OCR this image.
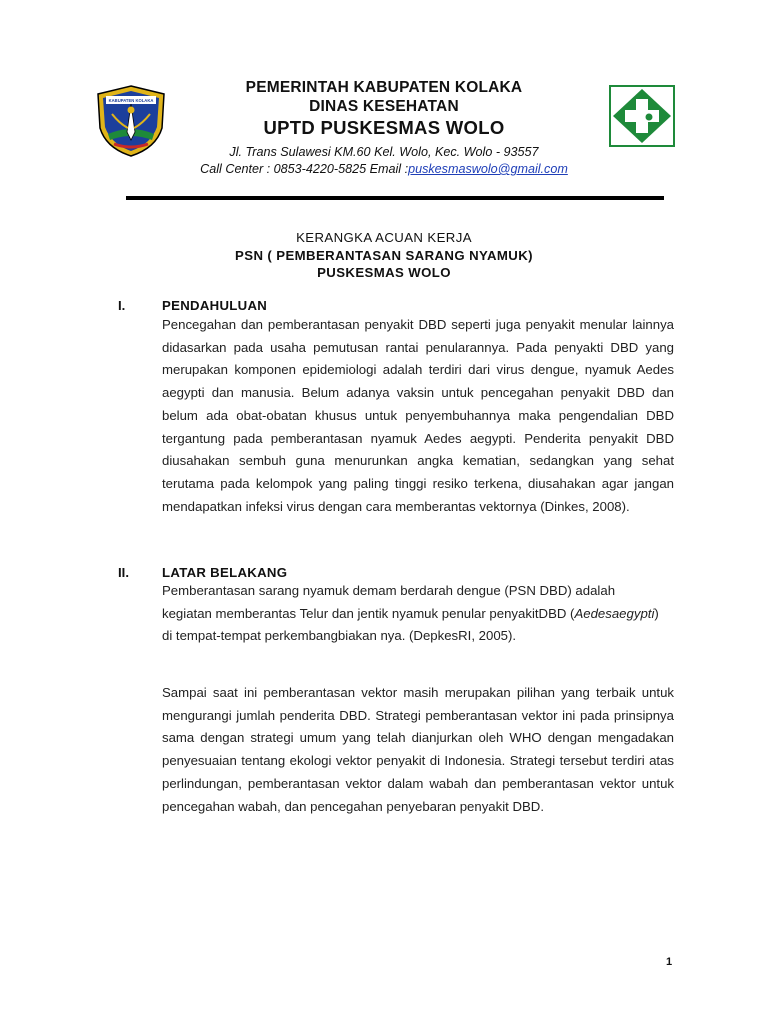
KABUPATEN KOLAKA
PEMERINTAH KABUPATEN KOLAKA
DINAS KESEHATAN
UPTD PUSKESMAS WOLO
Jl. Trans Sulawesi KM.60 Kel. Wolo, Kec. Wolo - 93557
Call Center : 0853-4220-5825 Email :puskesmaswolo@gmail.com
KERANGKA ACUAN KERJA
PSN ( PEMBERANTASAN SARANG NYAMUK)
PUSKESMAS WOLO
I.	PENDAHULUAN

Pencegahan dan pemberantasan penyakit DBD seperti juga penyakit menular lainnya didasarkan pada usaha pemutusan rantai penularannya. Pada penyakti DBD yang merupakan komponen epidemiologi adalah terdiri dari virus dengue, nyamuk Aedes aegypti dan manusia. Belum adanya vaksin untuk pencegahan penyakit DBD dan belum ada obat-obatan khusus untuk penyembuhannya maka pengendalian DBD tergantung pada pemberantasan nyamuk Aedes aegypti. Penderita penyakit DBD diusahakan sembuh guna menurunkan angka kematian, sedangkan yang sehat terutama pada kelompok yang paling tinggi resiko terkena, diusahakan agar jangan mendapatkan infeksi virus dengan cara memberantas vektornya (Dinkes, 2008).

II.	LATAR BELAKANG

Pemberantasan sarang nyamuk demam berdarah dengue (PSN DBD) adalah kegiatan memberantas Telur dan jentik nyamuk penular penyakitDBD (Aedesaegypti) di tempat-tempat perkembangbiakan nya. (DepkesRI, 2005).

Sampai saat ini pemberantasan vektor masih merupakan pilihan yang terbaik untuk mengurangi jumlah penderita DBD. Strategi pemberantasan vektor ini pada prinsipnya sama dengan strategi umum yang telah dianjurkan oleh WHO dengan mengadakan penyesuaian tentang ekologi vektor penyakit di Indonesia. Strategi tersebut terdiri atas perlindungan, pemberantasan vektor dalam wabah dan pemberantasan vektor untuk pencegahan wabah, dan pencegahan penyebaran penyakit DBD.

1
